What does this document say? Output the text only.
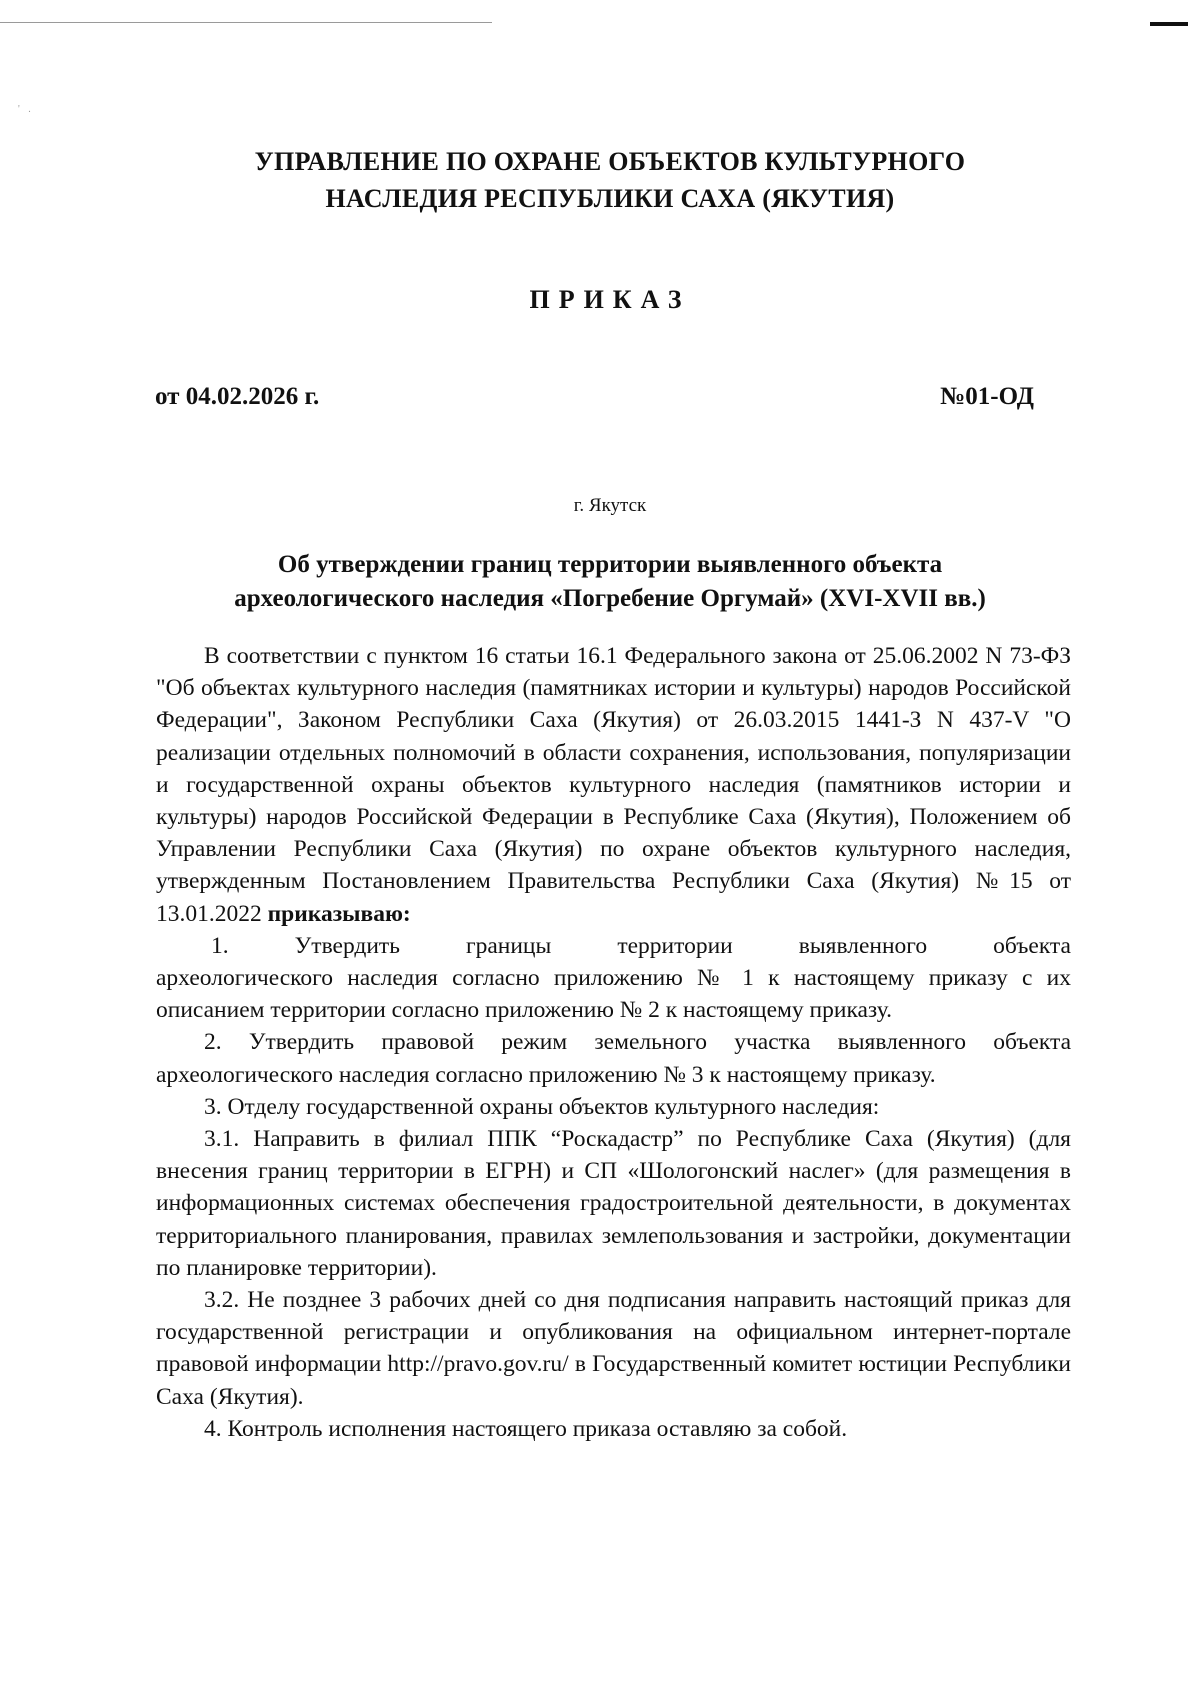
' .
УПРАВЛЕНИЕ ПО ОХРАНЕ ОБЪЕКТОВ КУЛЬТУРНОГО
НАСЛЕДИЯ РЕСПУБЛИКИ САХА (ЯКУТИЯ)
ПРИКАЗ
от 04.02.2026 г.	№01-ОД
г. Якутск
Об утверждении границ территории выявленного объекта
археологического наследия «Погребение Оргумай» (XVI-XVII вв.)

В соответствии с пунктом 16 статьи 16.1 Федерального закона от 25.06.2002 N 73-ФЗ "Об объектах культурного наследия (памятниках истории и культуры) народов Российской Федерации", Законом Республики Саха (Якутия) от 26.03.2015 1441-З N 437-V "О реализации отдельных полномочий в области сохранения, использования, популяризации и государственной охраны объектов культурного наследия (памятников истории и культуры) народов Российской Федерации в Республике Саха (Якутия), Положением об Управлении Республики Саха (Якутия) по охране объектов культурного наследия, утвержденным Постановлением Правительства Республики Саха (Якутия) №15 от 13.01.2022 приказываю:

1.	Утвердить	границы	территории	выявленного	объекта
археологического наследия согласно приложению № 1 к настоящему приказу с их описанием территории согласно приложению № 2 к настоящему приказу.

2. Утвердить правовой режим земельного участка выявленного объекта археологического наследия согласно приложению № 3 к настоящему приказу.

3. Отделу государственной охраны объектов культурного наследия:

3.1. Направить в филиал ППК “Роскадастр” по Республике Саха (Якутия) (для внесения границ территории в ЕГРН) и СП «Шологонский наслег» (для размещения в информационных системах обеспечения градостроительной деятельности, в документах территориального планирования, правилах землепользования и застройки, документации по планировке территории).

3.2. Не позднее 3 рабочих дней со дня подписания направить настоящий приказ для государственной регистрации и опубликования на официальном интернет-портале правовой информации http://pravo.gov.ru/ в Государственный комитет юстиции Республики Саха (Якутия).

4. Контроль исполнения настоящего приказа оставляю за собой.
